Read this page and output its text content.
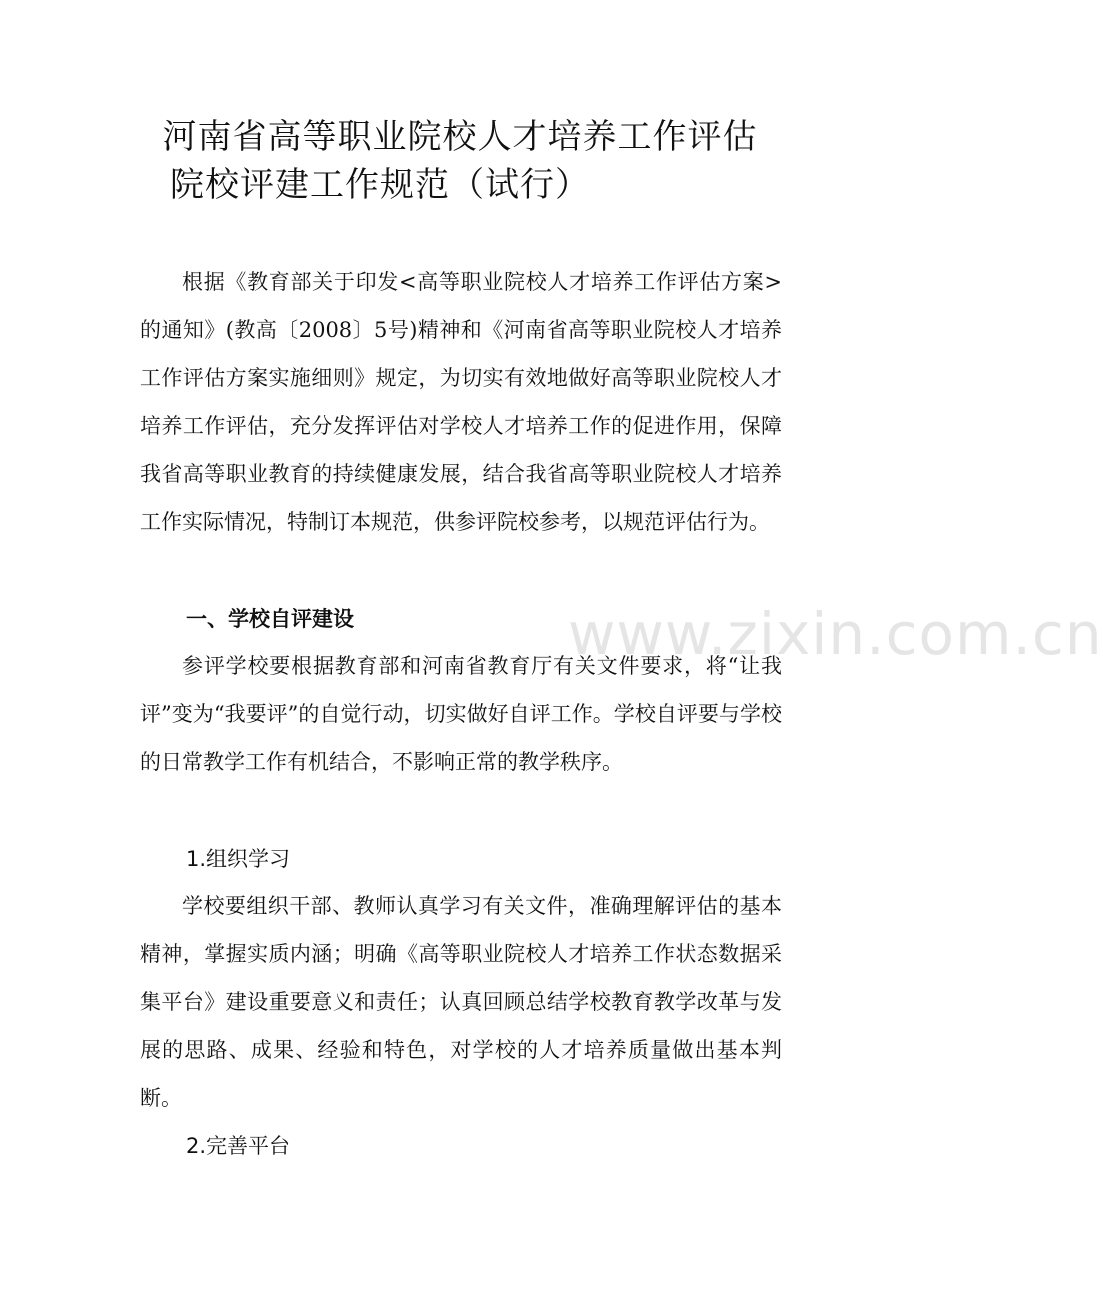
河南省高等职业院校人才培养工作评估
院校评建工作规范（试行）
根据《教育部关于印发<高等职业院校人才培养工作评估方案>的通知》(教高〔2008〕5号)精神和《河南省高等职业院校人才培养工作评估方案实施细则》规定，为切实有效地做好高等职业院校人才培养工作评估，充分发挥评估对学校人才培养工作的促进作用，保障我省高等职业教育的持续健康发展，结合我省高等职业院校人才培养工作实际情况，特制订本规范，供参评院校参考，以规范评估行为。
一、学校自评建设
参评学校要根据教育部和河南省教育厅有关文件要求，将“让我评”变为“我要评”的自觉行动，切实做好自评工作。学校自评要与学校的日常教学工作有机结合，不影响正常的教学秩序。
1.组织学习
学校要组织干部、教师认真学习有关文件，准确理解评估的基本精神，掌握实质内涵；明确《高等职业院校人才培养工作状态数据采集平台》建设重要意义和责任；认真回顾总结学校教育教学改革与发展的思路、成果、经验和特色，对学校的人才培养质量做出基本判断。
2.完善平台
www.zixin.com.cn
